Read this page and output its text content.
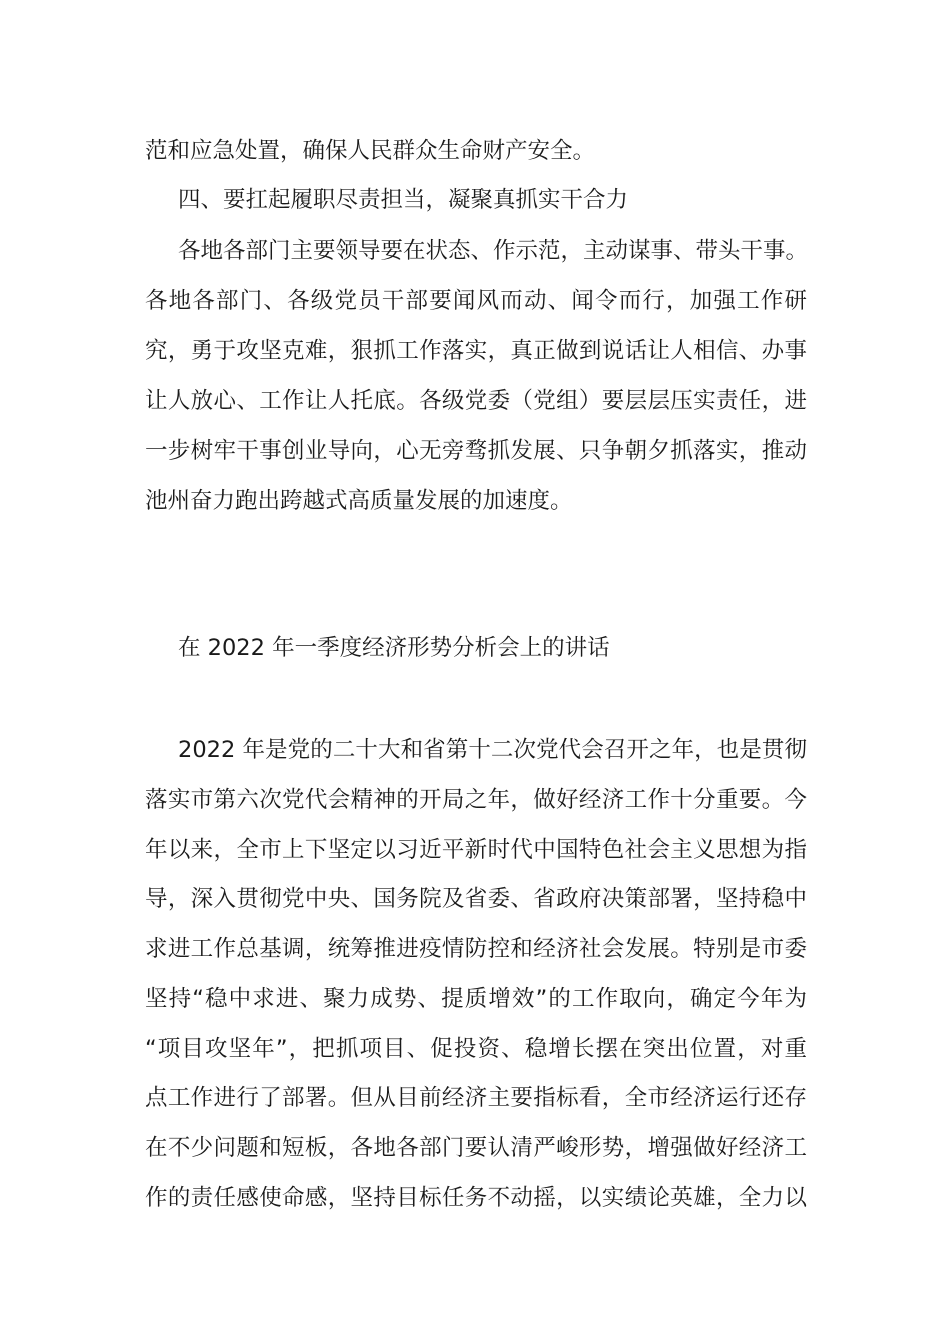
范和应急处置，确保人民群众生命财产安全。
四、要扛起履职尽责担当，凝聚真抓实干合力
各地各部门主要领导要在状态、作示范，主动谋事、带头干事。
各地各部门、各级党员干部要闻风而动、闻令而行，加强工作研
究，勇于攻坚克难，狠抓工作落实，真正做到说话让人相信、办事
让人放心、工作让人托底。各级党委（党组）要层层压实责任，进
一步树牢干事创业导向，心无旁骛抓发展、只争朝夕抓落实，推动
池州奋力跑出跨越式高质量发展的加速度。
在 2022 年一季度经济形势分析会上的讲话
2022 年是党的二十大和省第十二次党代会召开之年，也是贯彻
落实市第六次党代会精神的开局之年，做好经济工作十分重要。今
年以来，全市上下坚定以习近平新时代中国特色社会主义思想为指
导，深入贯彻党中央、国务院及省委、省政府决策部署，坚持稳中
求进工作总基调，统筹推进疫情防控和经济社会发展。特别是市委
坚持“稳中求进、聚力成势、提质增效”的工作取向，确定今年为
“项目攻坚年”，把抓项目、促投资、稳增长摆在突出位置，对重
点工作进行了部署。但从目前经济主要指标看，全市经济运行还存
在不少问题和短板，各地各部门要认清严峻形势，增强做好经济工
作的责任感使命感，坚持目标任务不动摇，以实绩论英雄，全力以
